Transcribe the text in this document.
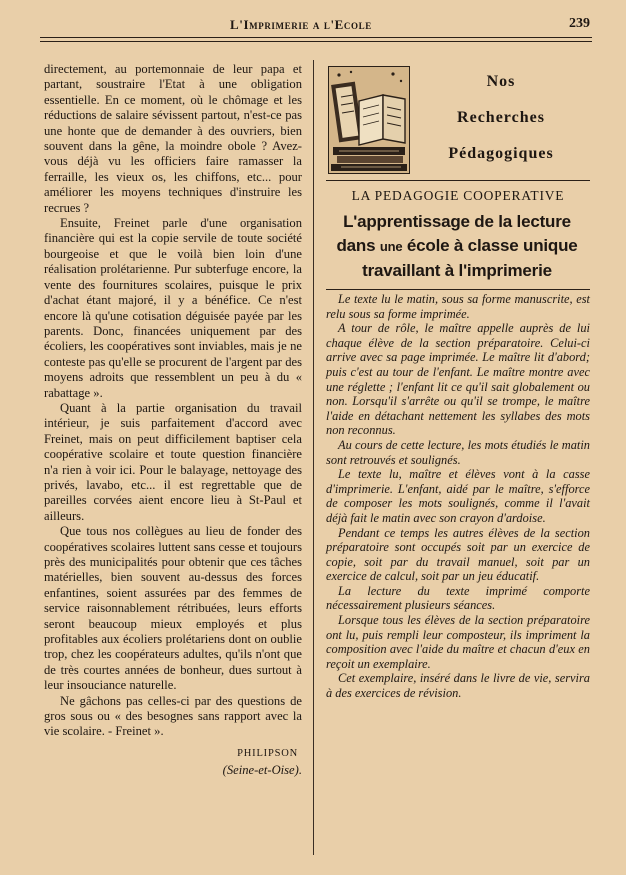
L'Imprimerie a l'Ecole	239

directement, au portemonnaie de leur papa et partant, soustraire l'Etat à une obligation essentielle. En ce moment, où le chômage et les réductions de salaire sévissent partout, n'est-ce pas une honte que de demander à des ouvriers, bien souvent dans la gêne, la moindre obole ? Avez-vous déjà vu les officiers faire ramasser la ferraille, les vieux os, les chiffons, etc... pour améliorer les moyens techniques d'instruire les recrues ?

Ensuite, Freinet parle d'une organisation financière qui est la copie servile de toute société bourgeoise et que le voilà bien loin d'une réalisation prolétarienne. Pur subterfuge encore, la vente des fournitures scolaires, puisque le prix d'achat étant majoré, il y a bénéfice. Ce n'est encore là qu'une cotisation déguisée payée par les parents. Donc, financées uniquement par des écoliers, les coopératives sont inviables, mais je ne conteste pas qu'elle se procurent de l'argent par des moyens adroits que ressemblent un peu à du « rabattage ».

Quant à la partie organisation du travail intérieur, je suis parfaitement d'accord avec Freinet, mais on peut difficilement baptiser cela coopérative scolaire et toute question financière n'a rien à voir ici. Pour le balayage, nettoyage des privés, lavabo, etc... il est regrettable que de pareilles corvées aient encore lieu à St-Paul et ailleurs.

Que tous nos collègues au lieu de fonder des coopératives scolaires luttent sans cesse et toujours près des municipalités pour obtenir que ces tâches matérielles, bien souvent au-dessus des forces enfantines, soient assurées par des femmes de service raisonnablement rétribuées, leurs efforts seront beaucoup mieux employés et plus profitables aux écoliers prolétariens dont on oublie trop, chez les coopérateurs adultes, qu'ils n'ont que de très courtes années de bonheur, dues surtout à leur insouciance naturelle.

Ne gâchons pas celles-ci par des questions de gros sous ou « des besognes sans rapport avec la vie scolaire. - Freinet ».

PHILIPSON
(Seine-et-Oise).
Nos
Recherches
Pédagogiques
LA PEDAGOGIE COOPERATIVE
L'apprentissage de la lecture
dans une école à classe unique
travaillant à l'imprimerie

Le texte lu le matin, sous sa forme manuscrite, est relu sous sa forme imprimée.

A tour de rôle, le maître appelle auprès de lui chaque élève de la section préparatoire. Celui-ci arrive avec sa page imprimée. Le maître lit d'abord; puis c'est au tour de l'enfant. Le maître montre avec une réglette ; l'enfant lit ce qu'il sait globalement ou non. Lorsqu'il s'arrête ou qu'il se trompe, le maître l'aide en détachant nettement les syllabes des mots non reconnus.

Au cours de cette lecture, les mots étudiés le matin sont retrouvés et soulignés.

Le texte lu, maître et élèves vont à la casse d'imprimerie. L'enfant, aidé par le maître, s'efforce de composer les mots soulignés, comme il l'avait déjà fait le matin avec son crayon d'ardoise.

Pendant ce temps les autres élèves de la section préparatoire sont occupés soit par un exercice de copie, soit par du travail manuel, soit par un exercice de calcul, soit par un jeu éducatif.

La lecture du texte imprimé comporte nécessairement plusieurs séances.

Lorsque tous les élèves de la section préparatoire ont lu, puis rempli leur composteur, ils impriment la composition avec l'aide du maître et chacun d'eux en reçoit un exemplaire.

Cet exemplaire, inséré dans le livre de vie, servira à des exercices de révision.
